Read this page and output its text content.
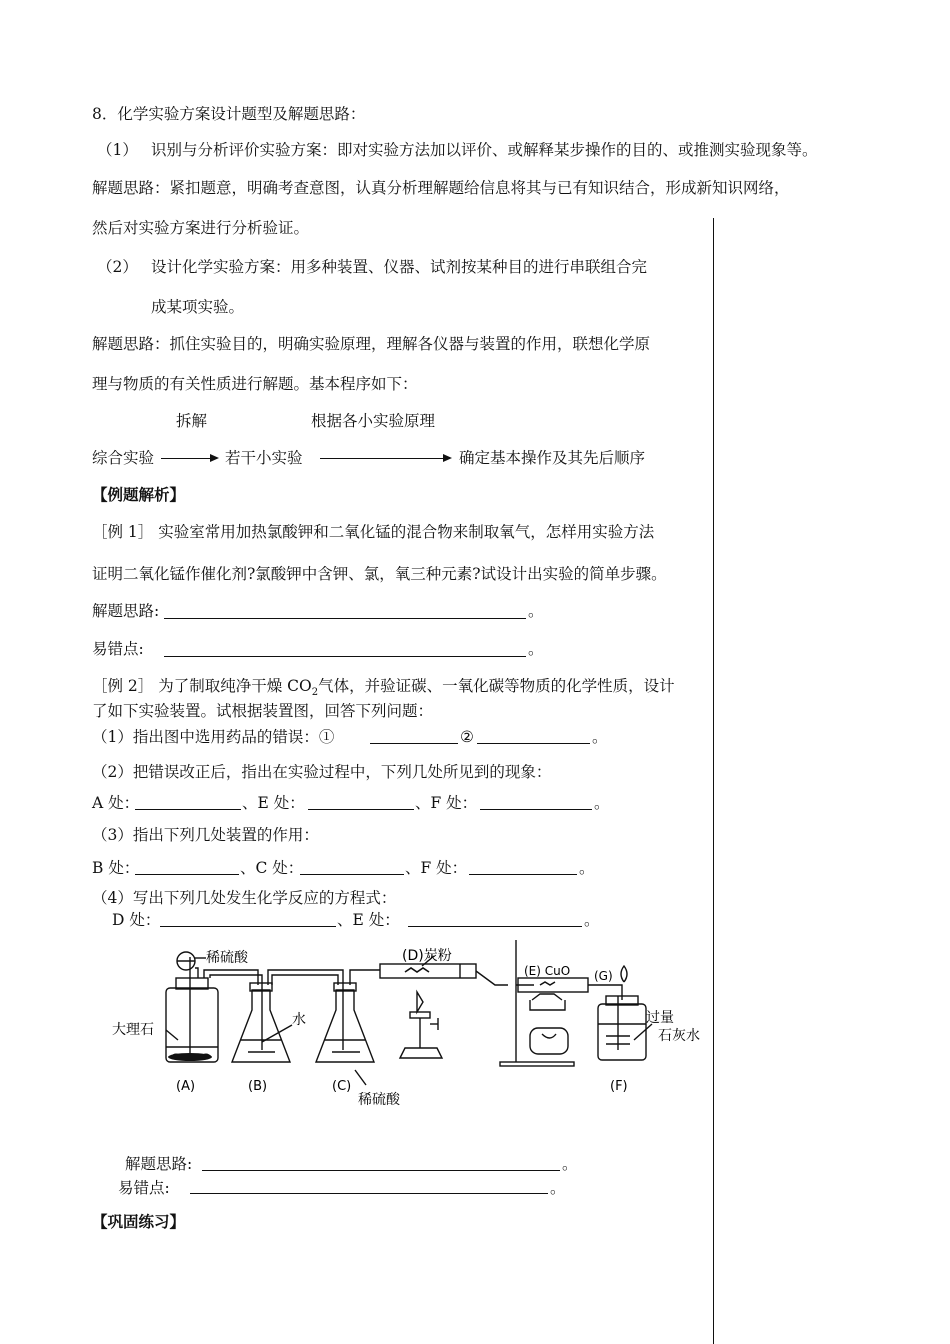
8．化学实验方案设计题型及解题思路：
（1） 识别与分析评价实验方案：即对实验方法加以评价、或解释某步操作的目的、或推测实验现象等。
解题思路：紧扣题意，明确考查意图，认真分析理解题给信息将其与已有知识结合，形成新知识网络，
然后对实验方案进行分析验证。
（2） 设计化学实验方案：用多种装置、仪器、试剂按某种目的进行串联组合完
成某项实验。
解题思路：抓住实验目的，明确实验原理，理解各仪器与装置的作用，联想化学原
理与物质的有关性质进行解题。基本程序如下：
拆解	根据各小实验原理
综合实验	若干小实验	确定基本操作及其先后顺序
【例题解析】
［例 1］ 实验室常用加热氯酸钾和二氧化锰的混合物来制取氧气，怎样用实验方法
证明二氧化锰作催化剂?氯酸钾中含钾、氯，氧三种元素?试设计出实验的简单步骤。
解题思路:	。
易错点:	。
［例 2］ 为了制取纯净干燥 $CO_2$气体，并验证碳、一氧化碳等物质的化学性质，设计
了如下实验装置。试根据装置图，回答下列问题：
（1）指出图中选用药品的错误：①	②	。
（2）把错误改正后，指出在实验过程中，下列几处所见到的现象：
A 处：	、E 处：	、F 处：	。
（3）指出下列几处装置的作用：
B 处：	、C 处：	、F 处：	。
（4）写出下列几处发生化学反应的方程式：
D 处：	、E 处：	。
稀硫酸
大理石
水
(D)炭粉
(E) CuO (G)
过量
石灰水
(A)	(B)	(C)
稀硫酸
(F)
解题思路:	。
易错点:	。
【巩固练习】
